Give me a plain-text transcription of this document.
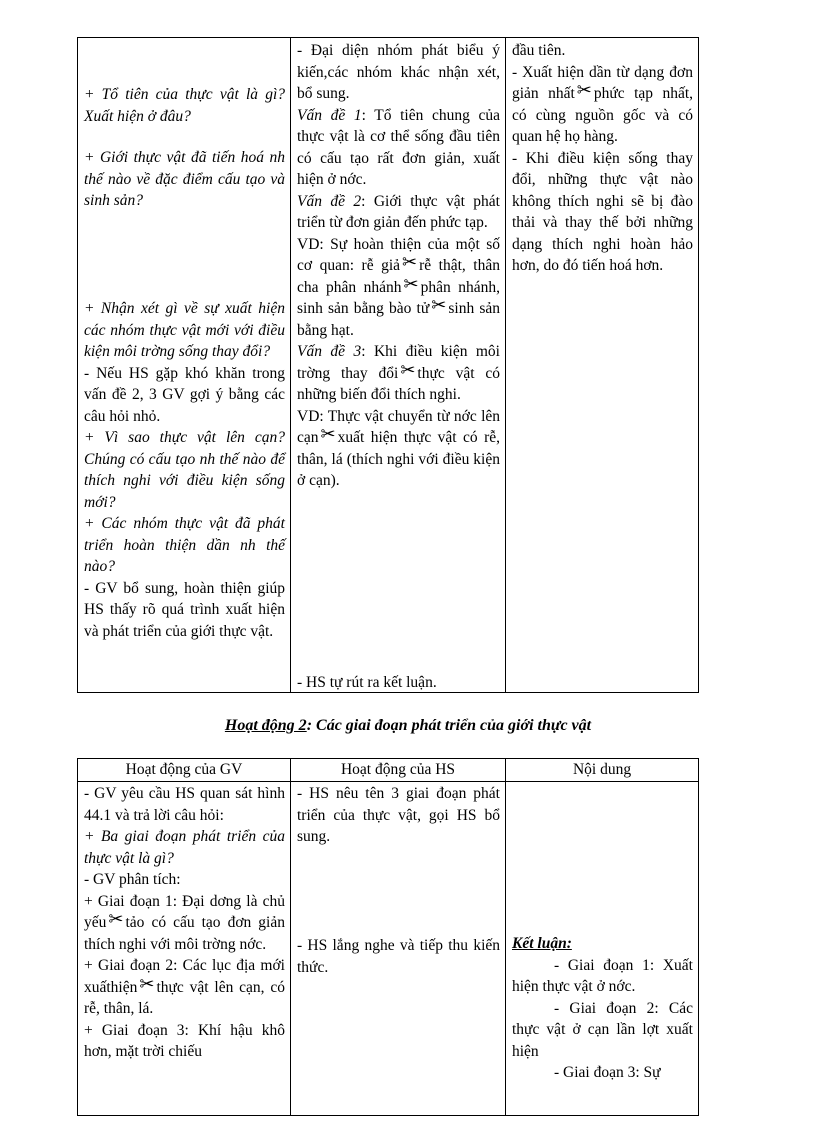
+ Tổ tiên của thực vật là gì? Xuất hiện ở đâu?

+ Giới thực vật đã tiến hoá nh thế nào về đặc điểm cấu tạo và sinh sản?

+ Nhận xét gì về sự xuất hiện các nhóm thực vật mới với điều kiện môi trờng sống thay đổi?

- Nếu HS gặp khó khăn trong vấn đề 2, 3 GV gợi ý bằng các câu hỏi nhỏ.

+ Vì sao thực vật lên cạn? Chúng có cấu tạo nh thế nào để thích nghi với điều kiện sống mới?

+ Các nhóm thực vật đã phát triển hoàn thiện dần nh thế nào?

- GV bổ sung, hoàn thiện giúp HS thấy rõ quá trình xuất hiện và phát triển của giới thực vật.

- Đại diện nhóm phát biểu ý kiến,các nhóm khác nhận xét, bổ sung.

Vấn đề 1: Tổ tiên chung của thực vật là cơ thể sống đầu tiên có cấu tạo rất đơn giản, xuất hiện ở nớc.

Vấn đề 2: Giới thực vật phát triển từ đơn giản đến phức tạp.

VD: Sự hoàn thiện của một số cơ quan: rễ giả ✂ rễ thật, thân cha phân nhánh ✂ phân nhánh, sinh sản bằng bào tử ✂ sinh sản bằng hạt.

Vấn đề 3: Khi điều kiện môi trờng thay đổi ✂ thực vật có những biến đổi thích nghi.

VD: Thực vật chuyển từ nớc lên cạn ✂ xuất hiện thực vật có rễ, thân, lá (thích nghi với điều kiện ở cạn).

- HS tự rút ra kết luận.

đầu tiên.

- Xuất hiện dần từ dạng đơn giản nhất ✂ phức tạp nhất, có cùng nguồn gốc và có quan hệ họ hàng.

- Khi điều kiện sống thay đổi, những thực vật nào không thích nghi sẽ bị đào thải và thay thế bởi những dạng thích nghi hoàn hảo hơn, do đó tiến hoá hơn.

Hoạt động 2: Các giai đoạn phát triển của giới thực vật

- GV yêu cầu HS quan sát hình 44.1 và trả lời câu hỏi:

+ Ba giai đoạn phát triển của thực vật là gì?

- GV phân tích:

+ Giai đoạn 1: Đại dơng là chủ yếu ✂ tảo có cấu tạo đơn giản thích nghi với môi trờng nớc.

+ Giai đoạn 2: Các lục địa mới xuấthiện ✂ thực vật lên cạn, có rễ, thân, lá.

+ Giai đoạn 3: Khí hậu khô hơn, mặt trời chiếu

- HS nêu tên 3 giai đoạn phát triển của thực vật, gọi HS bổ sung.

- HS lắng nghe và tiếp thu kiến thức.

Kết luận:

- Giai đoạn 1: Xuất hiện thực vật ở nớc.

- Giai đoạn 2: Các thực vật ở cạn lần lợt xuất hiện

- Giai đoạn 3: Sự

Hoạt động của GV	Hoạt động của HS	Nội dung
